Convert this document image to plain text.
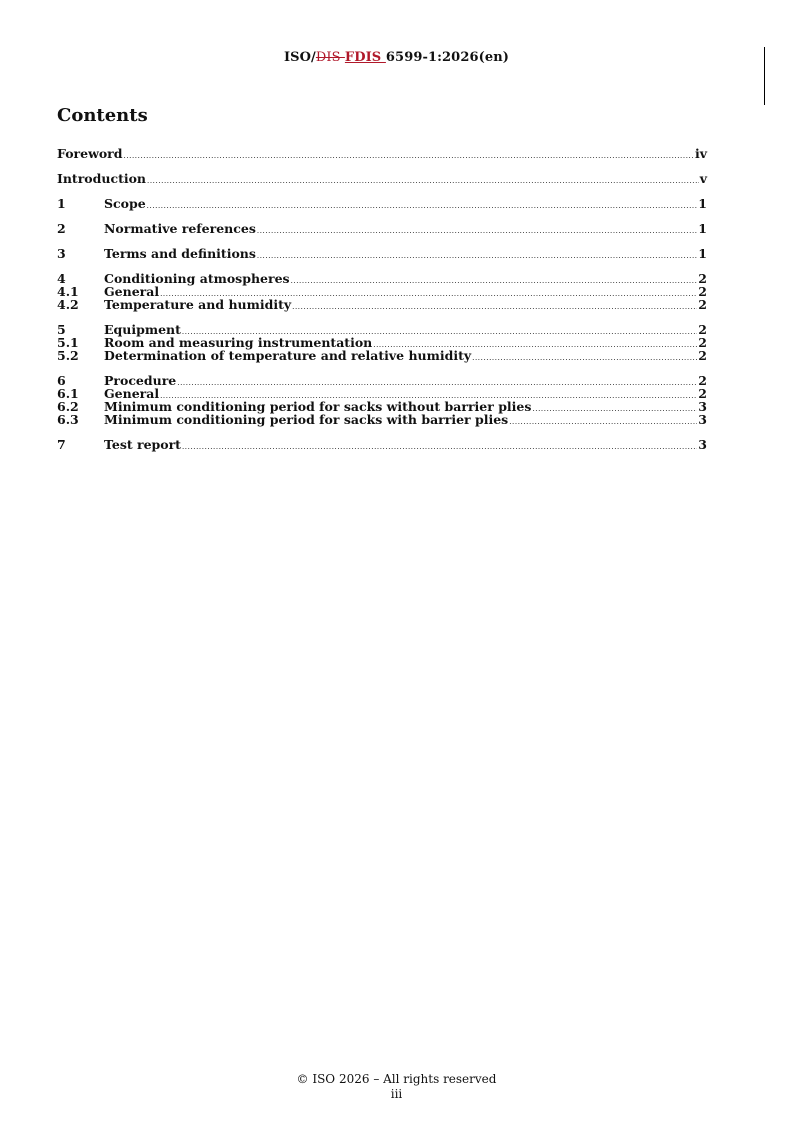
ISO/DIS FDIS 6599-1:2026(en)
Contents
Foreword .....	iv
Introduction .....	v
1	Scope .....	1
2	Normative references .....	1
3	Terms and definitions .....	1
4	Conditioning atmospheres .....	2
4.1	General .....	2
4.2	Temperature and humidity .....	2
5	Equipment .....	2
5.1	Room and measuring instrumentation .....	2
5.2	Determination of temperature and relative humidity .....	2
6	Procedure .....	2
6.1	General .....	2
6.2	Minimum conditioning period for sacks without barrier plies .....	3
6.3	Minimum conditioning period for sacks with barrier plies .....	3
7	Test report .....	3
© ISO 2026 – All rights reserved
iii
